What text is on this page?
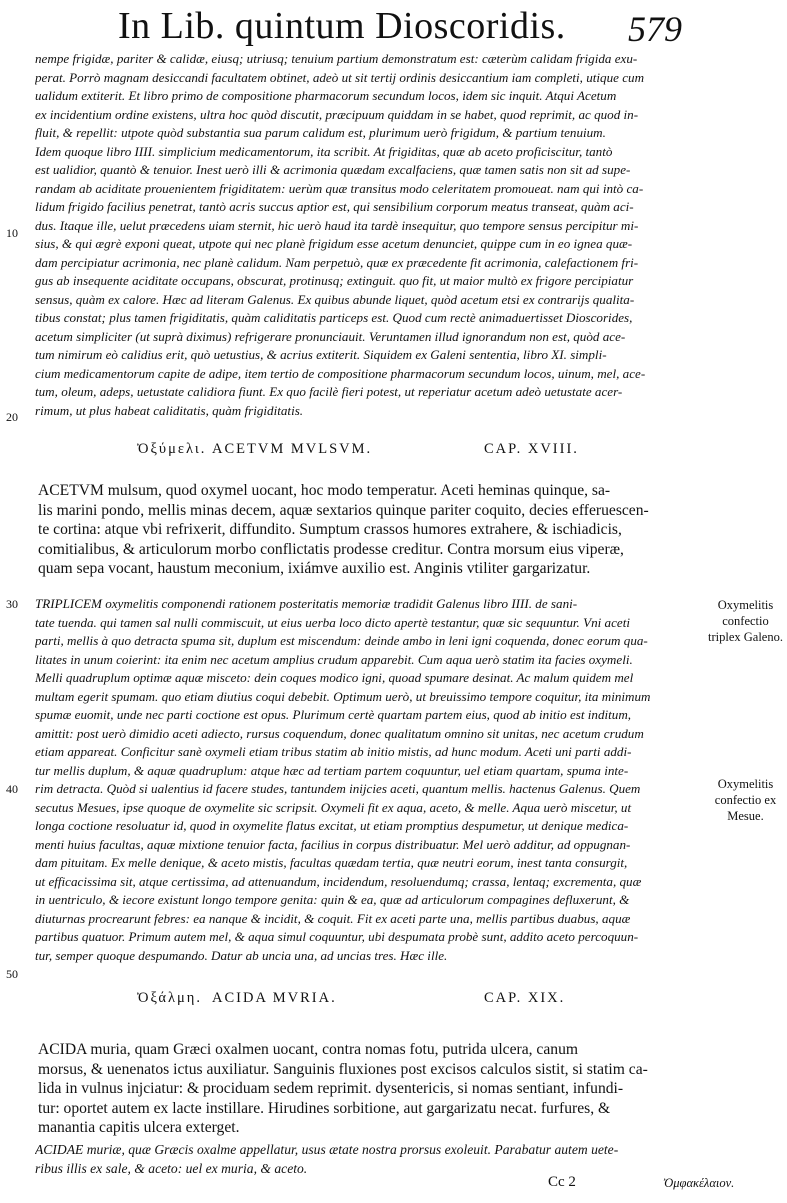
In Lib. quintum Dioscoridis. 579
nempe frigidæ, pariter & calidæ, eiusq; utriusq; tenuium partium demonstratum est: cæterùm calidam frigida exu-
perat. Porrò magnam desiccandi facultatem obtinet, adeò ut sit tertij ordinis desiccantium iam completi, utique cum
ualidum extiterit. Et libro primo de compositione pharmacorum secundum locos, idem sic inquit. Atqui Acetum
ex incidentium ordine existens, ultra hoc quòd discutit, præcipuum quiddam in se habet, quod reprimit, ac quod in-
fluit, & repellit: utpote quòd substantia sua parum calidum est, plurimum uerò frigidum, & partium tenuium.
Idem quoque libro IIII. simplicium medicamentorum, ita scribit. At frigiditas, quæ ab aceto proficiscitur, tantò
est ualidior, quantò & tenuior. Inest uerò illi & acrimonia quædam excalfaciens, quæ tamen satis non sit ad supe-
randam ab aciditate prouenientem frigiditatem: uerùm quæ transitus modo celeritatem promoueat. nam qui intò ca-
lidum frigido facilius penetrat, tantò acris succus aptior est, qui sensibilium corporum meatus transeat, quàm aci-
dus. Itaque ille, uelut præcedens uiam sternit, hic uerò haud ita tardè insequitur, quo tempore sensus percipitur mi-
sius, & qui ægrè exponi queat, utpote qui nec planè frigidum esse acetum denunciet, quippe cum in eo ignea quæ-
dam percipiatur acrimonia, nec planè calidum. Nam perpetuò, quæ ex præcedente fit acrimonia, calefactionem fri-
gus ab insequente aciditate occupans, obscurat, protinusq; extinguit. quo fit, ut maior multò ex frigore percipiatur
sensus, quàm ex calore. Hæc ad literam Galenus. Ex quibus abunde liquet, quòd acetum etsi ex contrarijs qualita-
tibus constat; plus tamen frigiditatis, quàm caliditatis particeps est. Quod cum rectè animaduertisset Dioscorides,
acetum simpliciter (ut suprà diximus) refrigerare pronunciauit. Veruntamen illud ignorandum non est, quòd ace-
tum nimirum eò calidius erit, quò uetustius, & acrius extiterit. Siquidem ex Galeni sententia, libro XI. simpli-
cium medicamentorum capite de adipe, item tertio de compositione pharmacorum secundum locos, uinum, mel, ace-
tum, oleum, adeps, uetustate calidiora fiunt. Ex quo facilè fieri potest, ut reperiatur acetum adeò uetustate acer-
rimum, ut plus habeat caliditatis, quàm frigiditatis.
Ὀξύμελι. ACETVM MVLSVM.	CAP. XVIII.
ACETVM mulsum, quod oxymel uocant, hoc modo temperatur. Aceti heminas quinque, sa-
lis marini pondo, mellis minas decem, aquæ sextarios quinque pariter coquito, decies efferuescen-
te cortina: atque vbi refrixerit, diffundito. Sumptum crassos humores extrahere, & ischiadicis,
comitialibus, & articulorum morbo conflictatis prodesse creditur. Contra morsum eius viperæ,
quam sepa vocant, haustum meconium, ixiámve auxilio est. Anginis vtiliter gargarizatur.
TRIPLICEM oxymelitis componendi rationem posteritatis memoriæ tradidit Galenus libro IIII. de sani-
tate tuenda. qui tamen sal nulli commiscuit, ut eius uerba loco dicto apertè testantur, quæ sic sequuntur. Vni aceti
parti, mellis à quo detracta spuma sit, duplum est miscendum: deinde ambo in leni igni coquenda, donec eorum qua-
litates in unum coierint: ita enim nec acetum amplius crudum apparebit. Cum aqua uerò statim ita facies oxymeli.
Melli quadruplum optimæ aquæ misceto: dein coques modico igni, quoad spumare desinat. Ac malum quidem mel
multam egerit spumam. quo etiam diutius coqui debebit. Optimum uerò, ut breuissimo tempore coquitur, ita minimum
spumæ euomit, unde nec parti coctione est opus. Plurimum certè quartam partem eius, quod ab initio est inditum,
amittit: post uerò dimidio aceti adiecto, rursus coquendum, donec qualitatum omnino sit unitas, nec acetum crudum
etiam appareat. Conficitur sanè oxymeli etiam tribus statim ab initio mistis, ad hunc modum. Aceti uni parti addi-
tur mellis duplum, & aquæ quadruplum: atque hæc ad tertiam partem coquuntur, uel etiam quartam, spuma inte-
rim detracta. Quòd si ualentius id facere studes, tantundem inijcies aceti, quantum mellis. hactenus Galenus. Quem
secutus Mesues, ipse quoque de oxymelite sic scripsit. Oxymeli fit ex aqua, aceto, & melle. Aqua uerò miscetur, ut
longa coctione resoluatur id, quod in oxymelite flatus excitat, ut etiam promptius despumetur, ut denique medica-
menti huius facultas, aquæ mixtione tenuior facta, facilius in corpus distribuatur. Mel uerò additur, ad oppugnan-
dam pituitam. Ex melle denique, & aceto mistis, facultas quædam tertia, quæ neutri eorum, inest tanta consurgit,
ut efficacissima sit, atque certissima, ad attenuandum, incidendum, resoluendumq; crassa, lentaq; excrementa, quæ
in uentriculo, & iecore existunt longo tempore genita: quin & ea, quæ ad articulorum compagines defluxerunt, &
diuturnas procrearunt febres: ea nanque & incidit, & coquit. Fit ex aceti parte una, mellis partibus duabus, aquæ
partibus quatuor. Primum autem mel, & aqua simul coquuntur, ubi despumata probè sunt, addito aceto percoquun-
tur, semper quoque despumando. Datur ab uncia una, ad uncias tres. Hæc ille.
Ὀξάλμη. ACIDA MVRIA.	CAP. XIX.
ACIDA muria, quam Græci oxalmen uocant, contra nomas fotu, putrida ulcera, canum
morsus, & uenenatos ictus auxiliatur. Sanguinis fluxiones post excisos calculos sistit, si statim ca-
lida in vulnus injciatur: & prociduam sedem reprimit. dysentericis, si nomas sentiant, infundi-
tur: oportet autem ex lacte instillare. Hirudines sorbitione, aut gargarizatu necat. furfures, &
manantia capitis ulcera exterget.
ACIDAE muriæ, quæ Græcis oxalme appellatur, usus ætate nostra prorsus exoleuit. Parabatur autem uete-
ribus illis ex sale, & aceto: uel ex muria, & aceto.
10
20
30
40
50
Oxymelitis confectio triplex Galeno.
Oxymelitis confectio ex Mesue.
Cc 2	Ὀμφακέλαιον.
